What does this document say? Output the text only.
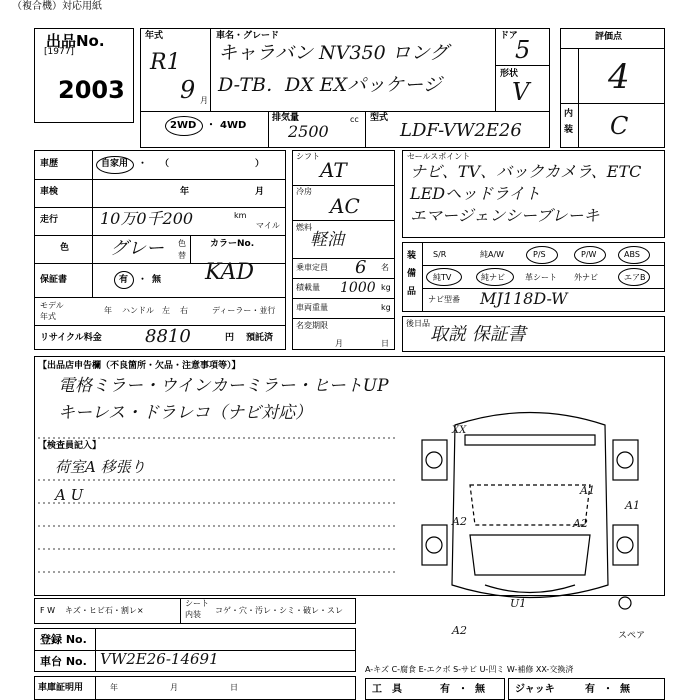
（複合機）対応用紙
出品No.
[1977]
2003
年式
R1
9 月
車名・グレード
キャラバン NV350 ロング
D-TB．DX EXパッケージ
ドア
5
形状
V
2WD ・ 4WD
排気量
2500
cc 型式
LDF-VW2E26
評価点
4
内
装 C
車歴	自家用 ・ （	）
車検	年	月
走行	10万0千200	km
マイル
色 グレー 色
替
カラーNo.
KAD
保証書	有 ・ 無
モデル
年式
年 ハンドル 左 右	ディーラー・並行
リサイクル料金 8810	円 預託済
シフト
AT
冷房
AC
燃料
軽油
乗車定員 6 名
積載量 1000 kg
車両重量	kg
名変期限
月	日
セールスポイント
ナビ、TV、バックカメラ、ETC
LEDヘッドライト
エマージェンシーブレーキ
装
備
品
S/R	純A/W	P/S	P/W	ABS
純TV	純ナビ	革シート 外ナビ	エアB
ナビ型番 MJ118D-W
後日品
取説 保証書
【出品店申告欄（不良箇所・欠品・注意事項等）】
電格ミラー・ウインカーミラー・ヒートUP
キーレス・ドラレコ（ナビ対応）
【検査員記入】
荷室A 移張り
A U
XX
A1
A2
A1
A2
U1
A2	スペア
F W キズ・ヒビ石・割レ×
シート
内装 コゲ・穴・汚レ・シミ・破レ・スレ
登録 No.
車台 No. VW2E26-14691
車庫証明用	年	月	日
A-キズ C-腐食 E-エクボ S-サビ U-凹ミ W-補修 XX-交換済
工　具	有 ・ 無	ジャッキ	有 ・ 無
